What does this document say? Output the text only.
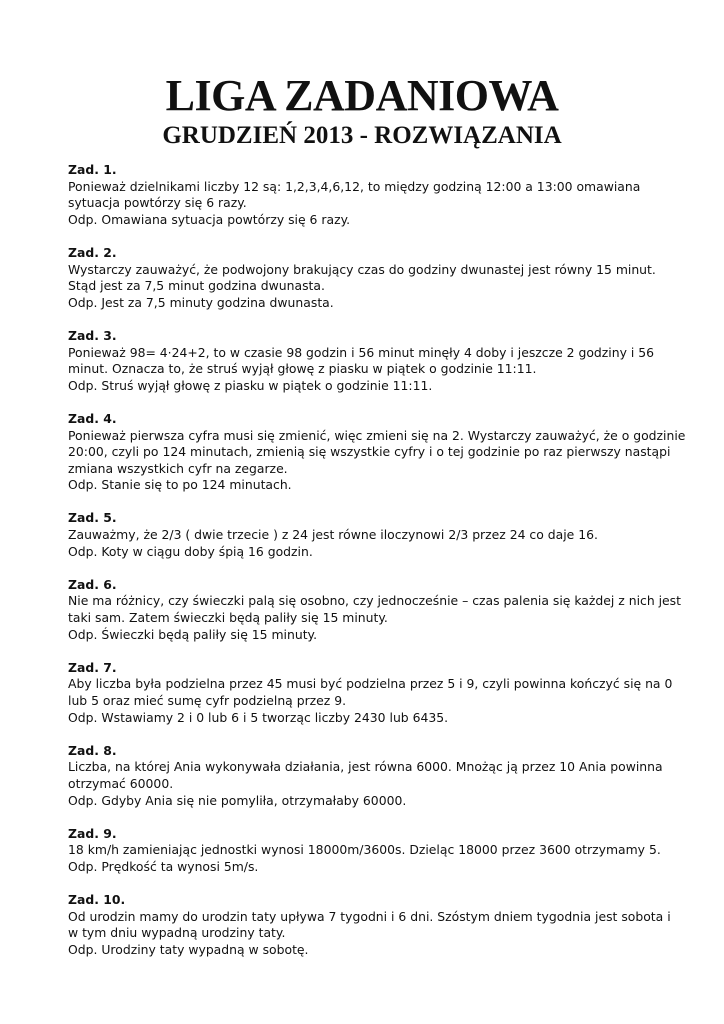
LIGA ZADANIOWA
GRUDZIEŃ 2013 - ROZWIĄZANIA
Zad. 1.
Ponieważ dzielnikami liczby 12 są: 1,2,3,4,6,12, to między godziną 12:00 a 13:00 omawiana
sytuacja powtórzy się 6 razy.
Odp. Omawiana sytuacja powtórzy się 6 razy.
Zad. 2.
Wystarczy zauważyć, że podwojony brakujący czas do godziny dwunastej jest równy 15 minut.
Stąd jest za 7,5 minut godzina dwunasta.
Odp. Jest za 7,5 minuty godzina dwunasta.
Zad. 3.
Ponieważ 98= 4·24+2, to w czasie 98 godzin i 56 minut minęły 4 doby i jeszcze 2 godziny i 56
minut. Oznacza to, że struś wyjął głowę z piasku w piątek o godzinie 11:11.
Odp. Struś wyjął głowę z piasku w piątek o godzinie 11:11.
Zad. 4.
Ponieważ pierwsza cyfra musi się zmienić, więc zmieni się na 2. Wystarczy zauważyć, że o godzinie
20:00, czyli po 124 minutach, zmienią się wszystkie cyfry i o tej godzinie po raz pierwszy nastąpi
zmiana wszystkich cyfr na zegarze.
Odp. Stanie się to po 124 minutach.
Zad. 5.
Zauważmy, że 2/3 ( dwie trzecie ) z 24 jest równe iloczynowi 2/3 przez 24 co daje 16.
Odp. Koty w ciągu doby śpią 16 godzin.
Zad. 6.
Nie ma różnicy, czy świeczki palą się osobno, czy jednocześnie – czas palenia się każdej z nich jest
taki sam. Zatem świeczki będą paliły się 15 minuty.
Odp. Świeczki będą paliły się 15 minuty.
Zad. 7.
Aby liczba była podzielna przez 45 musi być podzielna przez 5 i 9, czyli powinna kończyć się na 0
lub 5 oraz mieć sumę cyfr podzielną przez 9.
Odp. Wstawiamy 2 i 0 lub 6 i 5 tworząc liczby 2430 lub 6435.
Zad. 8.
Liczba, na której Ania wykonywała działania, jest równa 6000. Mnożąc ją przez 10 Ania powinna
otrzymać 60000.
Odp. Gdyby Ania się nie pomyliła, otrzymałaby 60000.
Zad. 9.
18 km/h zamieniając jednostki wynosi 18000m/3600s. Dzieląc 18000 przez 3600 otrzymamy 5.
Odp. Prędkość ta wynosi 5m/s.
Zad. 10.
Od urodzin mamy do urodzin taty upływa 7 tygodni i 6 dni. Szóstym dniem tygodnia jest sobota i
w tym dniu wypadną urodziny taty.
Odp. Urodziny taty wypadną w sobotę.
